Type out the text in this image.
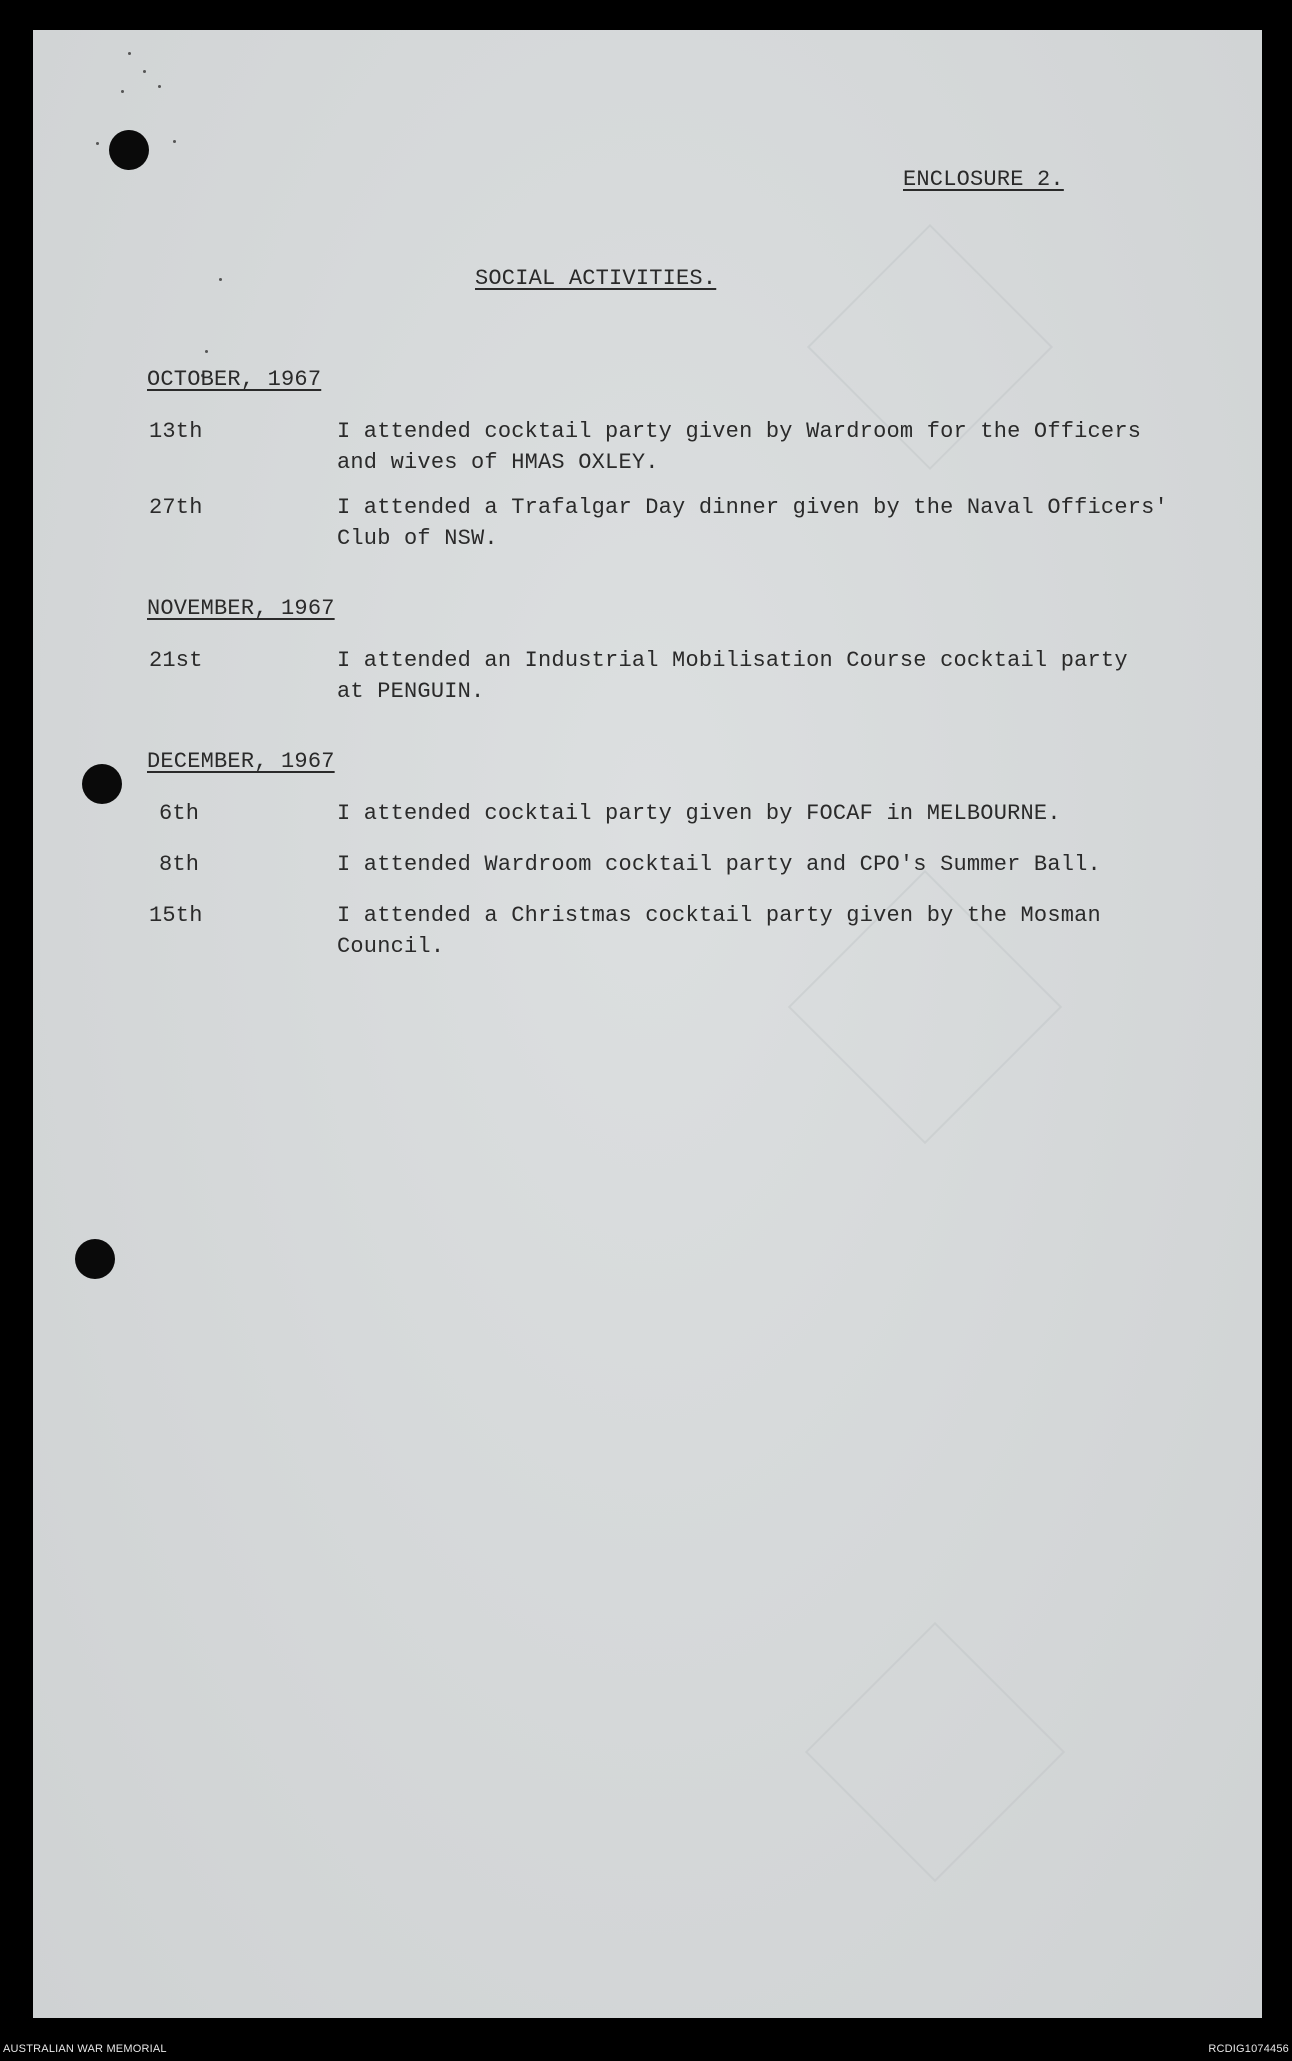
ENCLOSURE 2.
SOCIAL ACTIVITIES.
OCTOBER, 1967
13th	I attended cocktail party given by Wardroom for the Officers
and wives of HMAS OXLEY.
27th	I attended a Trafalgar Day dinner given by the Naval Officers'
Club of NSW.
NOVEMBER, 1967
21st	I attended an Industrial Mobilisation Course cocktail party
at PENGUIN.
DECEMBER, 1967
6th	I attended cocktail party given by FOCAF in MELBOURNE.
8th	I attended Wardroom cocktail party and CPO's Summer Ball.
15th	I attended a Christmas cocktail party given by the Mosman
Council.
AUSTRALIAN WAR MEMORIAL	RCDIG1074456
